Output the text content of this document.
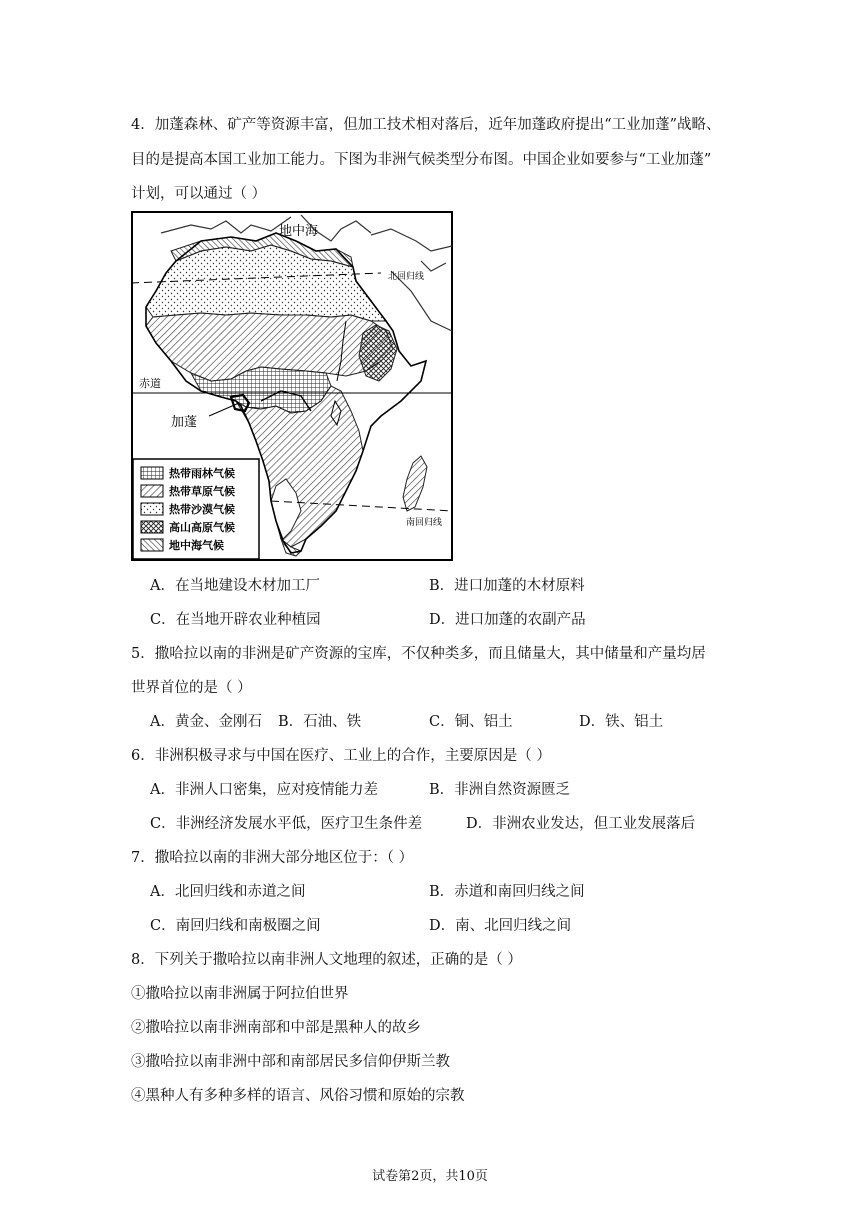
4．加蓬森林、矿产等资源丰富，但加工技术相对落后，近年加蓬政府提出“工业加蓬”战略、
目的是提高本国工业加工能力。下图为非洲气候类型分布图。中国企业如要参与“工业加蓬”
计划，可以通过（ ）
北回归线
赤道
南回归线
地中海
加蓬
热带雨林气候
热带草原气候
热带沙漠气候
高山高原气候
地中海气候
A．在当地建设木材加工厂	B．进口加蓬的木材原料
C．在当地开辟农业种植园	D．进口加蓬的农副产品
5．撒哈拉以南的非洲是矿产资源的宝库，不仅种类多，而且储量大，其中储量和产量均居
世界首位的是（ ）
A．黄金、金刚石 B．石油、铁	C．铜、铝土	D．铁、铝土
6．非洲积极寻求与中国在医疗、工业上的合作，主要原因是（ ）
A．非洲人口密集，应对疫情能力差	B．非洲自然资源匮乏
C．非洲经济发展水平低，医疗卫生条件差	D．非洲农业发达，但工业发展落后
7．撒哈拉以南的非洲大部分地区位于：（ ）
A．北回归线和赤道之间	B．赤道和南回归线之间
C．南回归线和南极圈之间	D．南、北回归线之间
8．下列关于撒哈拉以南非洲人文地理的叙述，正确的是（ ）
①撒哈拉以南非洲属于阿拉伯世界
②撒哈拉以南非洲南部和中部是黑种人的故乡
③撒哈拉以南非洲中部和南部居民多信仰伊斯兰教
④黑种人有多种多样的语言、风俗习惯和原始的宗教
试卷第2页，共10页
